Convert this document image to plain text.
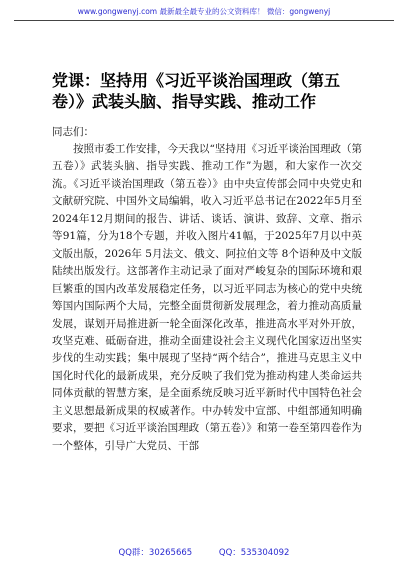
www.gongwenyj.com 最新最全最专业的公文资料库！ 微信：gongwenyj
党课：坚持用《习近平谈治国理政（第五卷）》武装头脑、指导实践、推动工作
同志们：

按照市委工作安排，今天我以“坚持用《习近平谈治国理政（第五卷）》武装头脑、指导实践、推动工作”为题，和大家作一次交流。《习近平谈治国理政（第五卷）》由中央宣传部会同中央党史和文献研究院、中国外文局编辑，收入习近平总书记在2022年5月至2024年12月期间的报告、讲话、谈话、演讲、致辞、文章、指示等91篇，分为18个专题，并收入图片41幅，于2025年7月以中英文版出版，2026年 5月法文、俄文、阿拉伯文等 8个语种及中文版陆续出版发行。这部著作主动记录了面对严峻复杂的国际环境和艰巨繁重的国内改革发展稳定任务，以习近平同志为核心的党中央统筹国内国际两个大局，完整全面贯彻新发展理念，着力推动高质量发展，谋划开局推进新一轮全面深化改革，推进高水平对外开放，攻坚克难、砥砺奋进，推动全面建设社会主义现代化国家迈出坚实步伐的生动实践；集中展现了坚持“两个结合”，推进马克思主义中国化时代化的最新成果，充分反映了我们党为推动构建人类命运共同体贡献的智慧方案，是全面系统反映习近平新时代中国特色社会主义思想最新成果的权威著作。中办转发中宣部、中组部通知明确要求，要把《习近平谈治国理政（第五卷）》和第一卷至第四卷作为一个整体，引导广大党员、干部

QQ群：30265665	QQ：535304092
